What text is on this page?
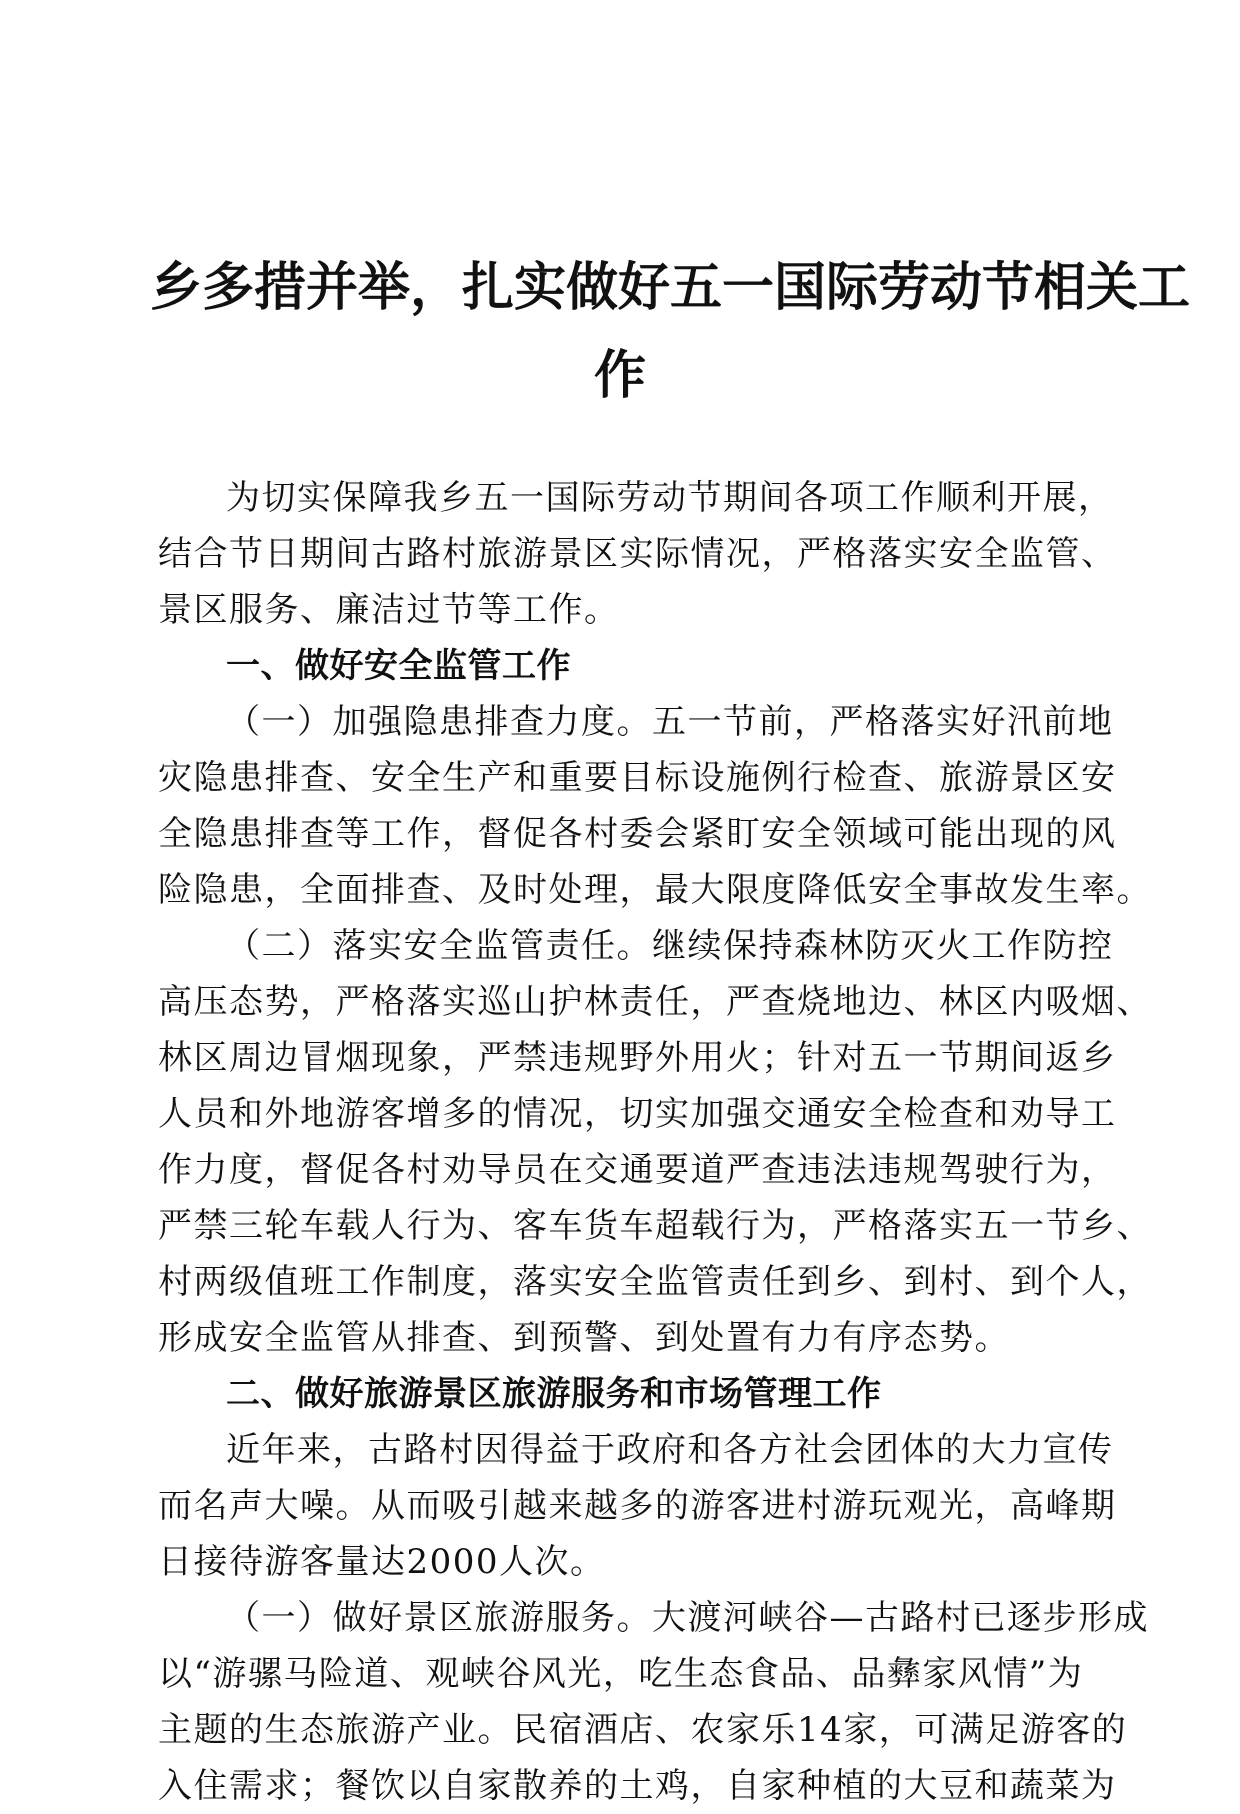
乡多措并举，扎实做好五一国际劳动节相关工
作
为切实保障我乡五一国际劳动节期间各项工作顺利开展，
结合节日期间古路村旅游景区实际情况，严格落实安全监管、
景区服务、廉洁过节等工作。
一、做好安全监管工作
（一）加强隐患排查力度。五一节前，严格落实好汛前地
灾隐患排查、安全生产和重要目标设施例行检查、旅游景区安
全隐患排查等工作，督促各村委会紧盯安全领域可能出现的风
险隐患，全面排查、及时处理，最大限度降低安全事故发生率。
（二）落实安全监管责任。继续保持森林防灭火工作防控
高压态势，严格落实巡山护林责任，严查烧地边、林区内吸烟、
林区周边冒烟现象，严禁违规野外用火；针对五一节期间返乡
人员和外地游客增多的情况，切实加强交通安全检查和劝导工
作力度，督促各村劝导员在交通要道严查违法违规驾驶行为，
严禁三轮车载人行为、客车货车超载行为，严格落实五一节乡、
村两级值班工作制度，落实安全监管责任到乡、到村、到个人，
形成安全监管从排查、到预警、到处置有力有序态势。
二、做好旅游景区旅游服务和市场管理工作
近年来，古路村因得益于政府和各方社会团体的大力宣传
而名声大噪。从而吸引越来越多的游客进村游玩观光，高峰期
日接待游客量达2000人次。
（一）做好景区旅游服务。大渡河峡谷—古路村已逐步形成
以“游骡马险道、观峡谷风光，吃生态食品、品彝家风情”为
主题的生态旅游产业。民宿酒店、农家乐14家，可满足游客的
入住需求；餐饮以自家散养的土鸡，自家种植的大豆和蔬菜为
